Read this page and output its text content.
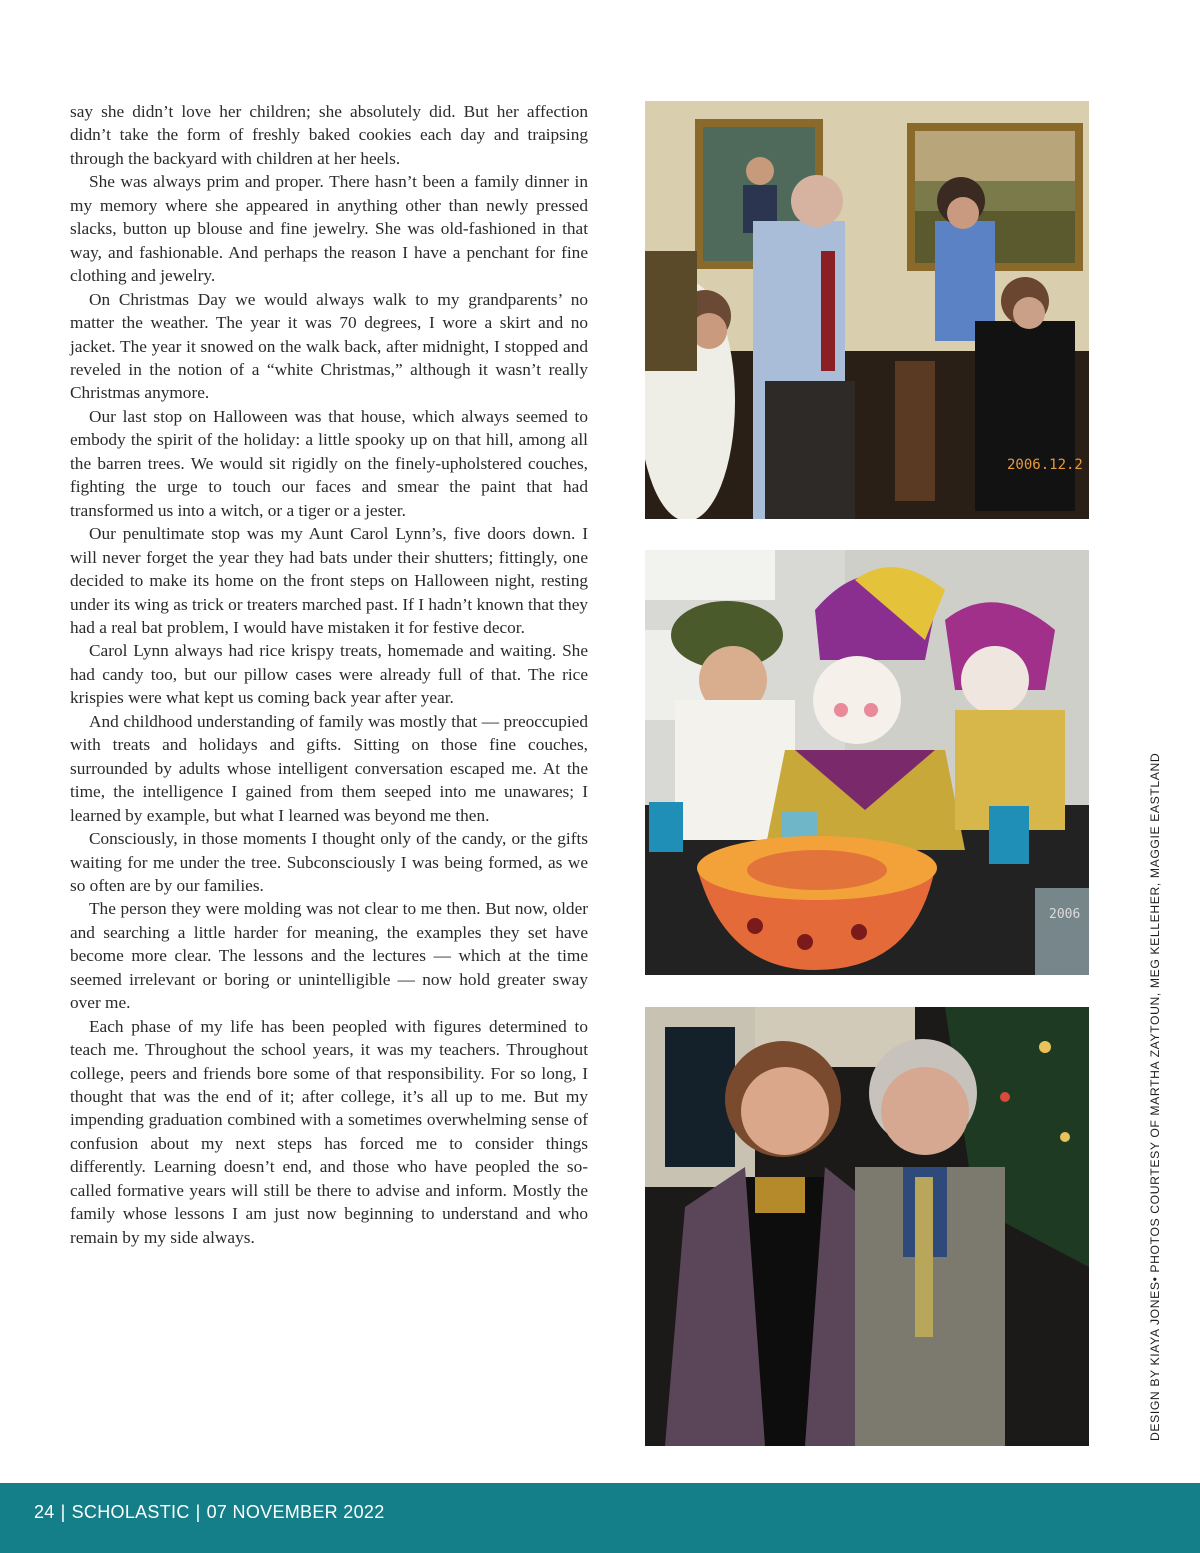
say she didn’t love her children; she absolutely did. But her affection didn’t take the form of freshly baked cookies each day and traipsing through the backyard with children at her heels.

She was always prim and proper. There hasn’t been a family dinner in my memory where she appeared in anything other than newly pressed slacks, button up blouse and fine jewelry. She was old-fashioned in that way, and fashionable. And perhaps the reason I have a penchant for fine clothing and jewelry.

On Christmas Day we would always walk to my grandparents’ no matter the weather. The year it was 70 degrees, I wore a skirt and no jacket. The year it snowed on the walk back, after midnight, I stopped and reveled in the notion of a “white Christmas,” although it wasn’t really Christmas anymore.

Our last stop on Halloween was that house, which always seemed to embody the spirit of the holiday: a little spooky up on that hill, among all the barren trees. We would sit rigidly on the finely-upholstered couches, fighting the urge to touch our faces and smear the paint that had transformed us into a witch, or a tiger or a jester.

Our penultimate stop was my Aunt Carol Lynn’s, five doors down. I will never forget the year they had bats under their shutters; fittingly, one decided to make its home on the front steps on Halloween night, resting under its wing as trick or treaters marched past. If I hadn’t known that they had a real bat problem, I would have mistaken it for festive decor.

Carol Lynn always had rice krispy treats, homemade and waiting. She had candy too, but our pillow cases were already full of that. The rice krispies were what kept us coming back year after year.

And childhood understanding of family was mostly that — preoccupied with treats and holidays and gifts. Sitting on those fine couches, surrounded by adults whose intelligent conversation escaped me. At the time, the intelligence I gained from them seeped into me unawares; I learned by example, but what I learned was beyond me then.

Consciously, in those moments I thought only of the candy, or the gifts waiting for me under the tree. Subconsciously I was being formed, as we so often are by our families.

The person they were molding was not clear to me then. But now, older and searching a little harder for meaning, the examples they set have become more clear. The lessons and the lectures — which at the time seemed irrelevant or boring or unintelligible — now hold greater sway over me.

Each phase of my life has been peopled with figures determined to teach me. Throughout the school years, it was my teachers. Throughout college, peers and friends bore some of that responsibility. For so long, I thought that was the end of it; after college, it’s all up to me. But my impending graduation combined with a sometimes overwhelming sense of confusion about my next steps has forced me to consider things differently. Learning doesn’t end, and those who have peopled the so-called formative years will still be there to advise and inform. Mostly the family whose lessons I am just now beginning to understand and who remain by my side always.

2006.12.2
2006	DESIGN BY KIAYA JONES• PHOTOS COURTESY OF MARTHA ZAYTOUN, MEG KELLEHER, MAGGIE EASTLAND
24 | SCHOLASTIC | 07 NOVEMBER 2022
